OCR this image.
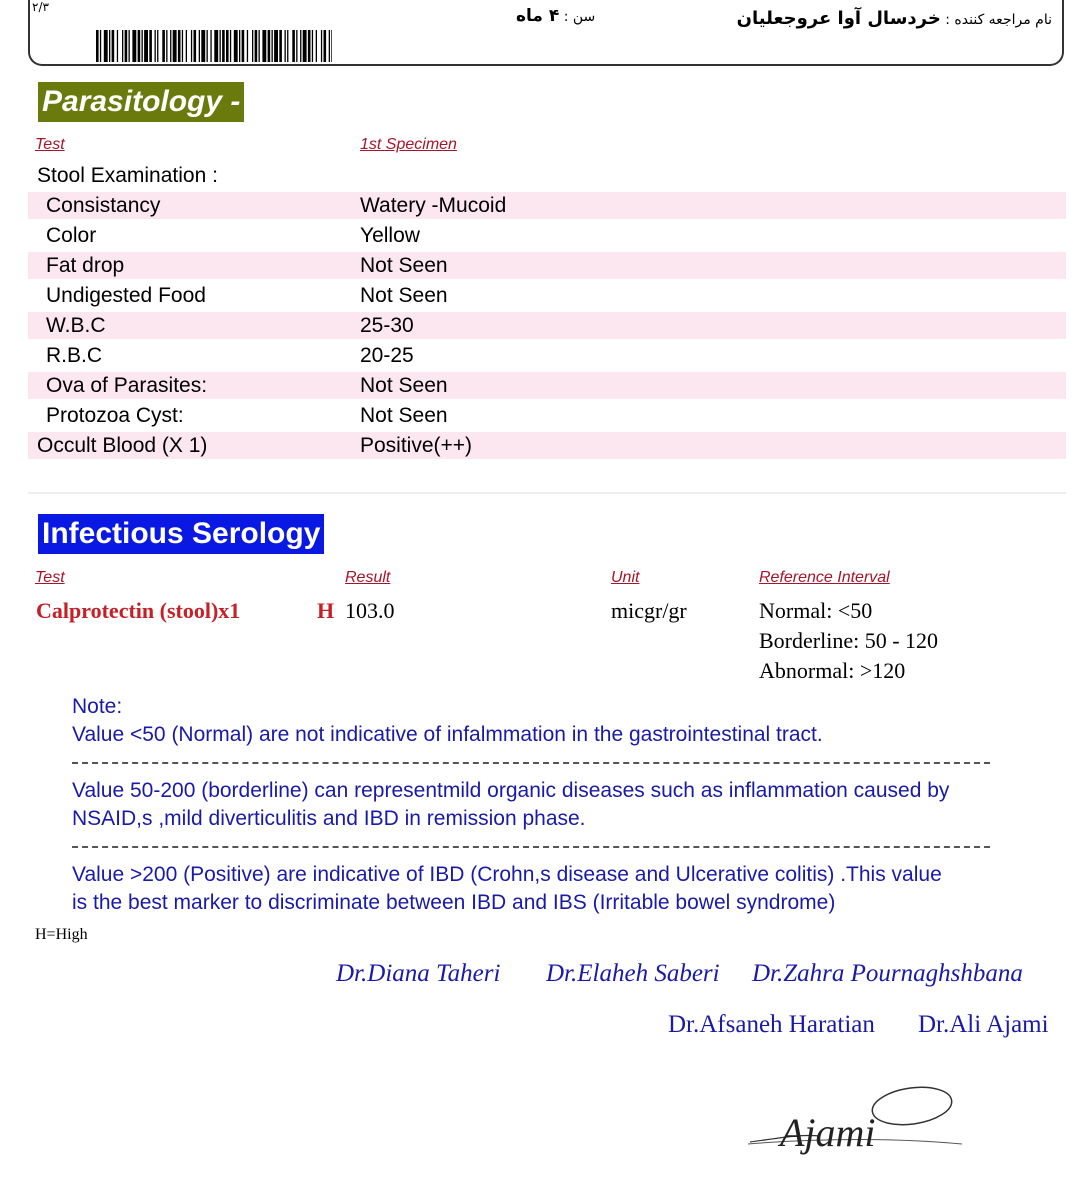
۲/۳
نام مراجعه کننده : خردسال آوا عروجعليان
سن : ۴ ماه
Parasitology -
Test	1st Specimen
Stool Examination :
Consistancy	Watery -Mucoid
Color	Yellow
Fat drop	Not Seen
Undigested Food	Not Seen
W.B.C	25-30
R.B.C	20-25
Ova of Parasites:	Not Seen
Protozoa Cyst:	Not Seen
Occult Blood (X 1)	Positive(++)
Infectious Serology
Test	Result	Unit	Reference Interval
Calprotectin (stool)x1	H 103.0	micgr/gr	Normal: <50
Borderline: 50 - 120
Abnormal: >120
Note:
Value <50 (Normal) are not indicative of infalmmation in the gastrointestinal tract.
Value 50-200 (borderline) can representmild organic diseases such as inflammation caused by
NSAID,s ,mild diverticulitis and IBD in remission phase.
Value >200 (Positive) are indicative of IBD (Crohn,s disease and Ulcerative colitis) .This value
is the best marker to discriminate between IBD and IBS (Irritable bowel syndrome)
H=High
Dr.Diana Taheri Dr.Elaheh Saberi Dr.Zahra Pournaghshbana
Dr.Afsaneh Haratian Dr.Ali Ajami
Ajami
